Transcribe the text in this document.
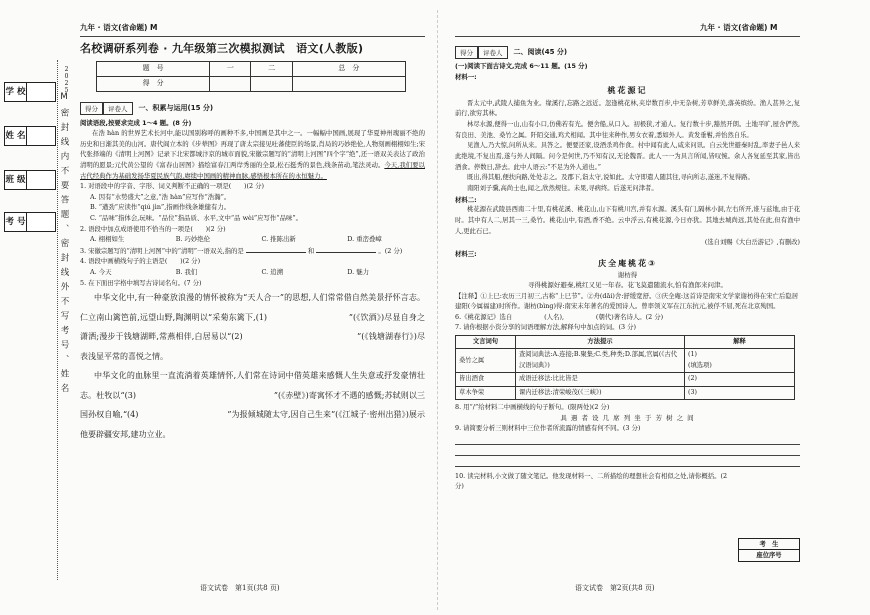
2025
学 校
姓 名
班 级
考 号	M密封线内不要答题、密封线外不写考号、姓名
九年 · 语文(省命题) M	九年 · 语文(省命题) M
名校调研系列卷 · 九年级第三次模拟测试　语文(人教版)
题　号	一	二	总　分
得　分			
得分	评卷人	一、积累与运用(15 分)
阅读语段,按要求完成 1～4 题。(8 分)
在浩 hàn 的世界艺术长河中,能以国别称呼的画种不多,中国画是其中之一。一幅幅中国画,展现了华夏神州瑰丽不绝的历史和日渐其美的山河。唐代阎立本的《步辇图》再现了唐太宗接见吐蕃使臣的场景,肖局的巧妙绝伦,人物刻画栩栩如生;宋代张择端的《清明上河图》记录下北宋都城汴京的城市面貌,宋徽宗题写的“清明上河图”四个字“绝”,还一语双关表达了政治清明的愿景;元代黄公望的《富春山居图》描绘富春江两岸秀丽的全景,松石挺秀的景色,线条苗动,笔法灵动。今天,我们要以古代经典作为基础发扬华夏民族气韵,赓续中国画的精神血脉,感悟根本所在的永恒魅力。
1. 对语段中的字音、字形、词义判断不正确的一项是(　　)(2 分)
A. 因有“水势盛大”之意,“浩 hàn”应写作“浩瀚”。
B. “遒劲”应读作“qiú jìn”,指画作线条雄健有力。
C. “品味”指体会,玩味。“品位”指品质、水平,文中“品 wèi”应写作“品味”。
2. 语段中加点成语使用不恰当的一项是(　　)(2 分)
A. 栩栩如生	B. 巧妙绝伦	C. 推陈出新	D. 重峦叠嶂
3. 宋徽宗题写的“清明上河图”中的“清明”一语双关,指的是	和	。(2 分)
4. 语段中画横线句子的主语是(　　)(2 分)
A. 今天	B. 我们	C. 追溯	D. 魅力
5. 在下面田字格中填写古诗词名句。(7 分)
中华文化中,有一种豪放浪漫的情怀被称为“天人合一”的思想,人们常常借自然美景抒怀言志。仁立南山篱笆前,远望山野,陶渊明以“采菊东篱下,(1)　　　　　　　　　　”(《饮酒》)尽显自身之潇洒;漫步于钱塘湖畔,常燕相伴,白居易以“(2)　　　　　　　　　　　　　　”(《钱塘湖春行》)尽表浅显平常的喜悦之情。
中华文化的血脉里一直流淌着英雄情怀,人们常在诗词中借英雄来感慨人生失意或抒发豪情壮志。杜牧以“(3)　　　　　　　　　　　　　　　　　”(《赤壁》)寄寓怀才不遇的感慨;苏轼则以三国孙权自喻,“(4)　　　　　　　　　　　”为报倾城随太守,因自己生来”(《江城子·密州出猎》)展示他要辟疆安邦,建功立业。
语文试卷　第1页(共8 页)
得分	评卷人	二、阅读(45 分)
(一)阅读下面古诗文,完成 6～11 题。(15 分)
材料一:
桃花源记
晋太元中,武陵人捕鱼为业。缘溪行,忘路之远近。忽逢桃花林,夹岸数百步,中无杂树,芳草鲜美,落英缤纷。渔人甚异之,复前行,欲穷其林。
林尽水源,便得一山,山有小口,仿佛若有光。便舍船,从口入。初极狭,才通人。复行数十步,豁然开朗。土地平旷,屋舍俨然,有良田、美池、桑竹之属。阡陌交通,鸡犬相闻。其中往来种作,男女衣着,悉如外人。黄发垂髫,并怡然自乐。
见渔人,乃大惊,问所从来。具答之。便要还家,设酒杀鸡作食。村中闻有此人,咸来问讯。自云先世避秦时乱,率妻子邑人来此绝境,不复出焉,遂与外人间隔。问今是何世,乃不知有汉,无论魏晋。此人一一为具言所闻,皆叹惋。余人各复延至其家,皆出酒食。停数日,辞去。此中人语云:“不足为外人道也。”
既出,得其船,便扶向路,处处志之。及郡下,诣太守,说如此。太守即遣人随其往,寻向所志,遂迷,不复得路。
南阳刘子骥,高尚士也,闻之,欣然规往。未果,寻病终。后遂无问津者。
材料二:
桃花源在武陵县西南二十里,有桃花溪、桃花山,山下有桃川宫,并有水源。溪头有门,隔林小洞,左右所开,谁与兹地,由于花时。其中有人二,居其一三,桑竹。桃花山中,有酒,香不绝。云中浮云,有桃花源,今日亦犹。其地去城尚远,其处在此,但有渔中人,更此石已。
(选自刘赐《大白岳游记》,有删改)
材料三:
庆全庵桃花③
谢枋得
寻得桃源好避秦,桃红又见一年春。花飞莫遣随流水,怕有渔郎来问津。
【注释】①上巳:农历三月初三,古称“上巳节”。②舟(dāi)舍:舒缓宽舒。③庆全庵:这首诗是南宋文学家谢枋得在宋亡后隐居建阳(今属福建)时所作。谢枋(bìng)得:南宋末年著名的爱国诗人。曾率领义军在江东抗元,被俘不屈,死在北京殉国。
6.《桃花源记》选自　　　　　(人名),　　　　　(朝代)著名诗人。(2 分)
7. 请你根据小资分享的词语理解方法,解释句中加点的词。(3 分)
文言词句	方法提示	解释
桑竹之属	查阅词典法:A.连接;B.聚集;C.类,种类;D.部属,官属(《古代汉语词典》)	(1)　　　　
(填选项)
皆出酒食	成语迁移法:比比皆是	(2)　　　　
草木争荣	课内迁移法:清荣峻茂(《三峡》)	(3)　　　　
8. 用“/”给材料二中画横线的句子断句。(限两处)(2 分)
具 遇 者 设 几 席 列 坐 于 芳 树 之 间
9. 请简要分析三则材料中三位作者所流露的情感有何不同。(3 分)
10. 读完材料,小文做了随文笔记。他发现材料一、二所描绘的理想社会有相似之处,请你概括。(2 分)
考　生
座位序号
语文试卷　第2页(共8 页)
